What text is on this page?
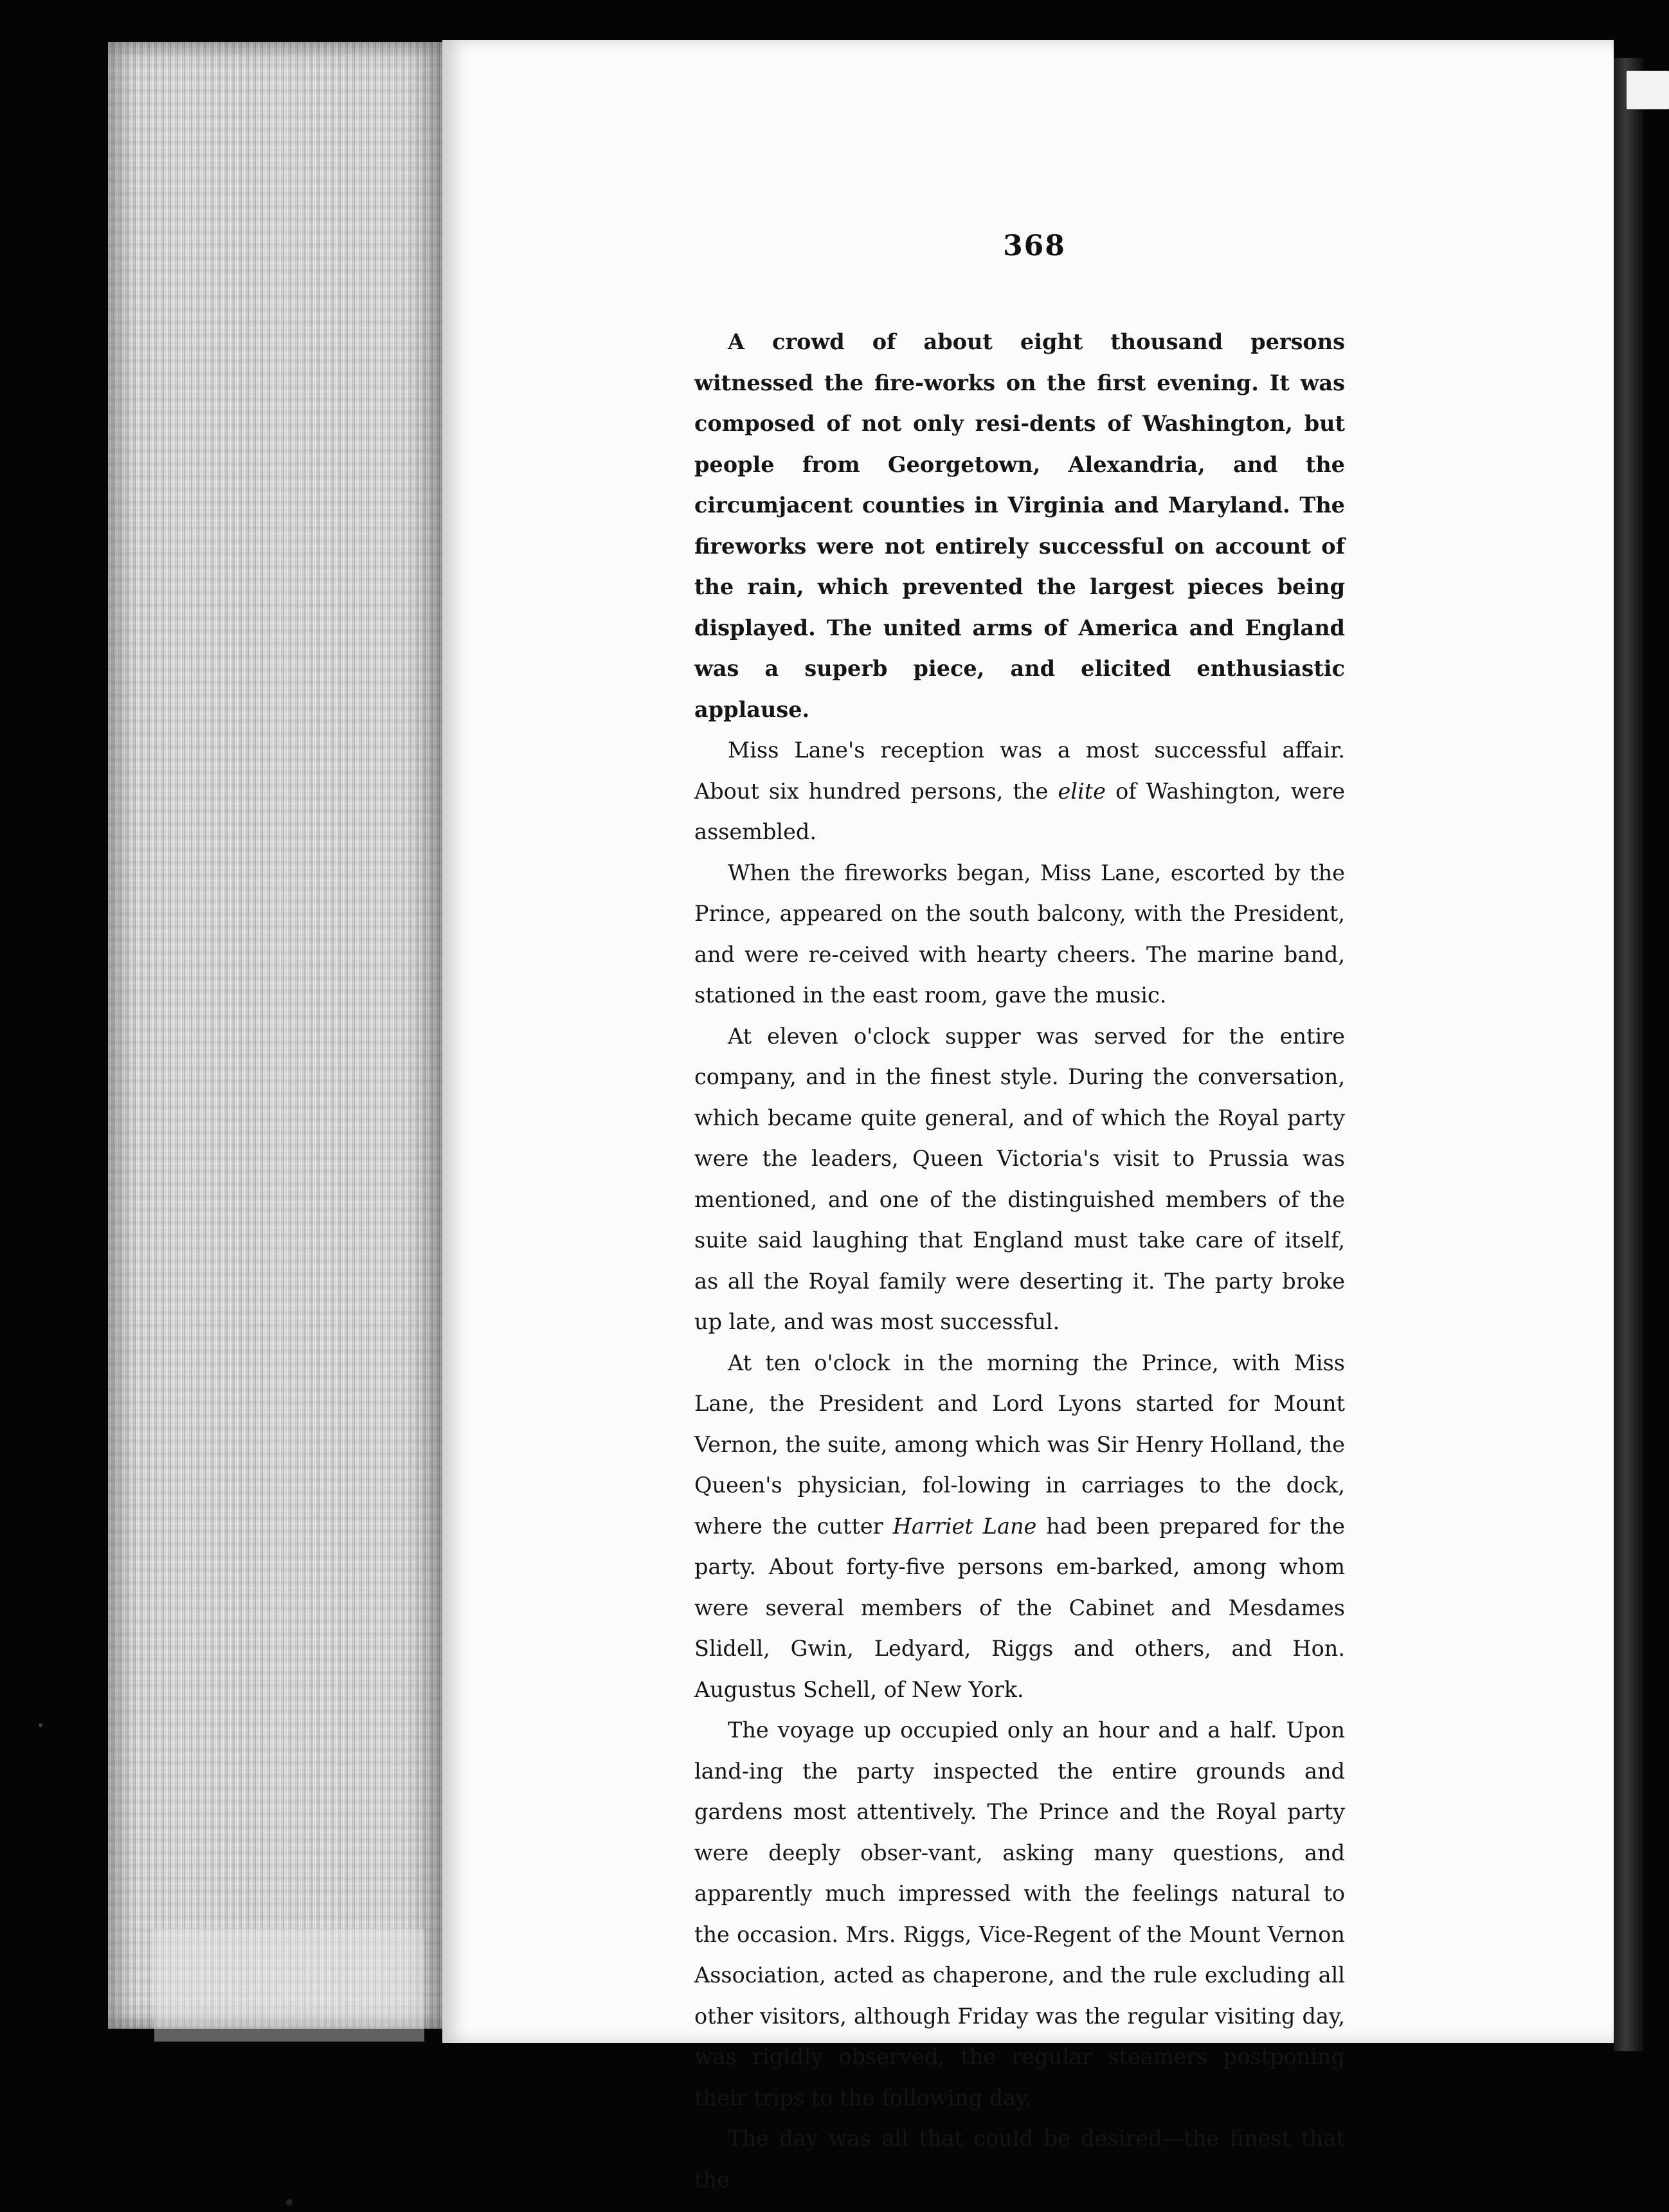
368

A crowd of about eight thousand persons witnessed the fire-works on the first evening. It was composed of not only resi-dents of Washington, but people from Georgetown, Alexandria, and the circumjacent counties in Virginia and Maryland. The fireworks were not entirely successful on account of the rain, which prevented the largest pieces being displayed. The united arms of America and England was a superb piece, and elicited enthusiastic applause.

Miss Lane's reception was a most successful affair. About six hundred persons, the elite of Washington, were assembled.

When the fireworks began, Miss Lane, escorted by the Prince, appeared on the south balcony, with the President, and were re-ceived with hearty cheers. The marine band, stationed in the east room, gave the music.

At eleven o'clock supper was served for the entire company, and in the finest style. During the conversation, which became quite general, and of which the Royal party were the leaders, Queen Victoria's visit to Prussia was mentioned, and one of the distinguished members of the suite said laughing that England must take care of itself, as all the Royal family were deserting it. The party broke up late, and was most successful.

At ten o'clock in the morning the Prince, with Miss Lane, the President and Lord Lyons started for Mount Vernon, the suite, among which was Sir Henry Holland, the Queen's physician, fol-lowing in carriages to the dock, where the cutter Harriet Lane had been prepared for the party. About forty-five persons em-barked, among whom were several members of the Cabinet and Mesdames Slidell, Gwin, Ledyard, Riggs and others, and Hon. Augustus Schell, of New York.

The voyage up occupied only an hour and a half. Upon land-ing the party inspected the entire grounds and gardens most attentively. The Prince and the Royal party were deeply obser-vant, asking many questions, and apparently much impressed with the feelings natural to the occasion. Mrs. Riggs, Vice-Regent of the Mount Vernon Association, acted as chaperone, and the rule excluding all other visitors, although Friday was the regular visiting day, was rigidly observed, the regular steamers postponing their trips to the following day.

The day was all that could be desired—the finest that the
